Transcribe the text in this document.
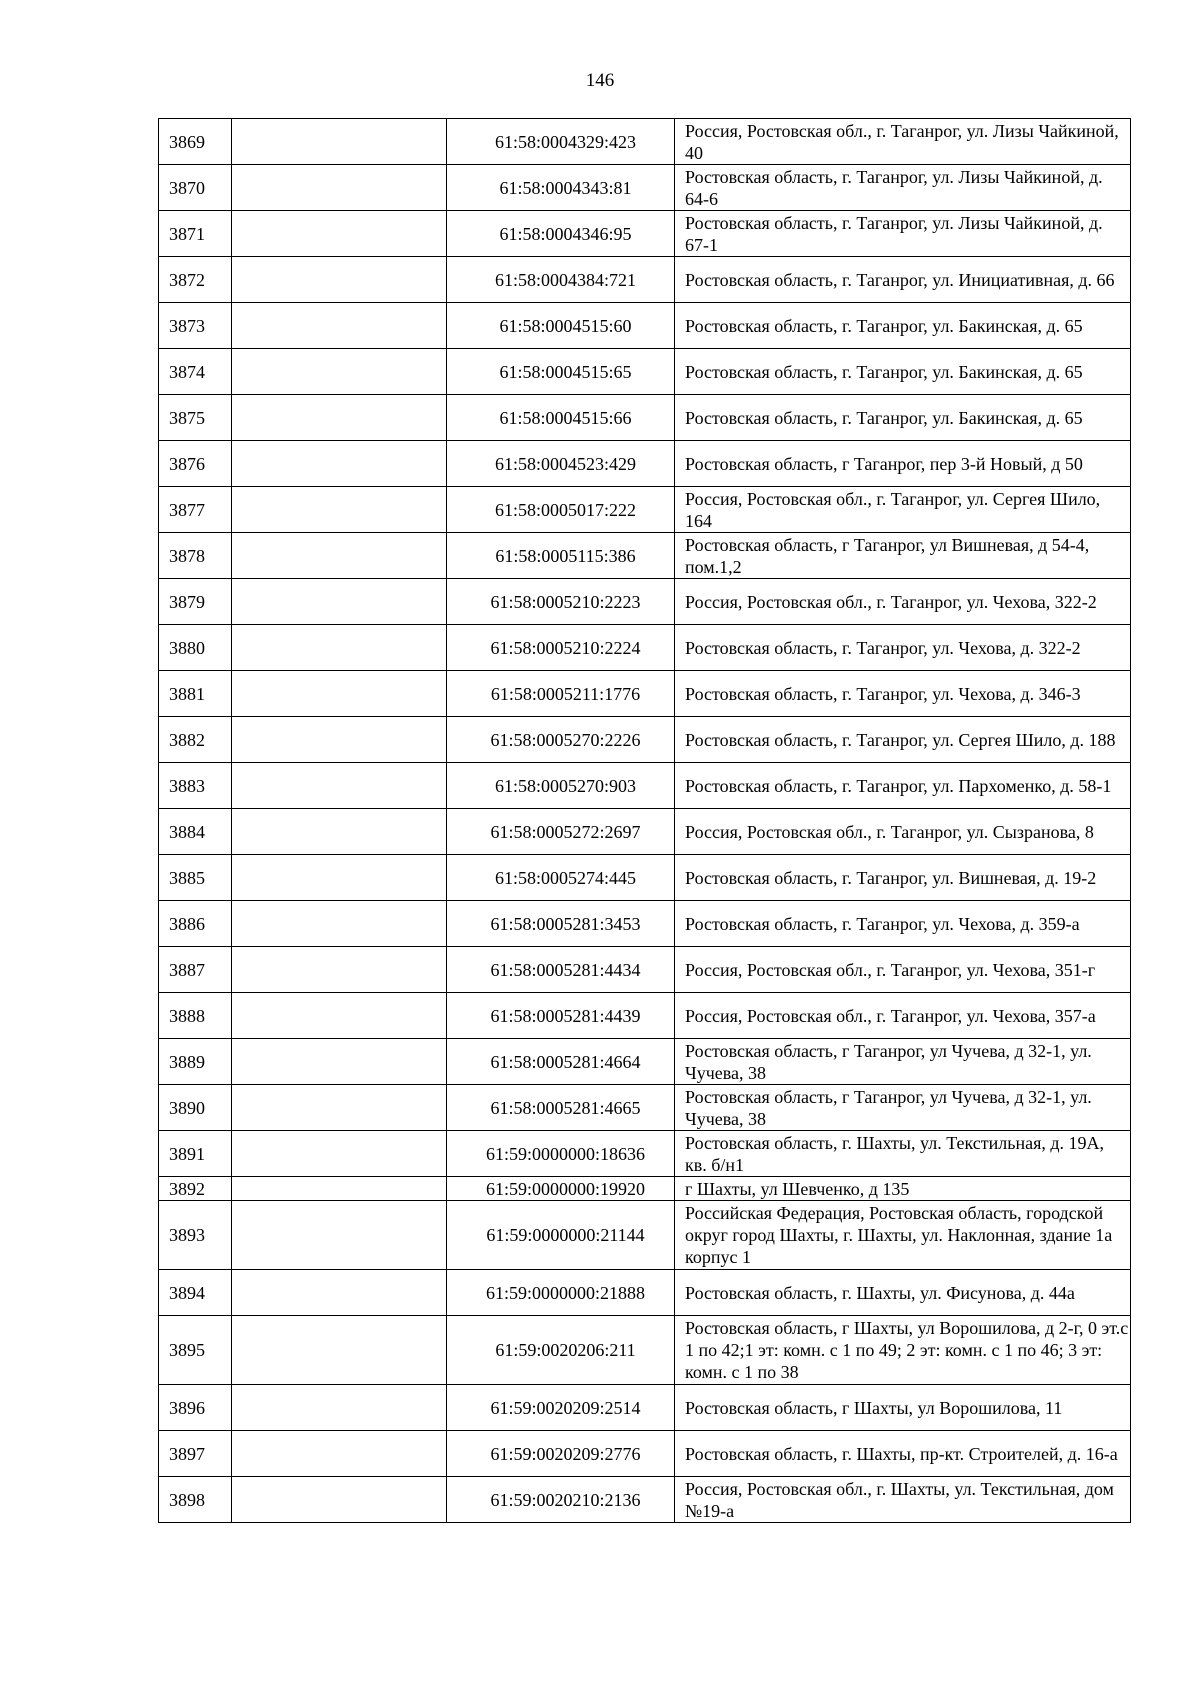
146
3869		61:58:0004329:423	Россия, Ростовская обл., г. Таганрог, ул. Лизы Чайкиной, 40
3870		61:58:0004343:81	Ростовская область, г. Таганрог, ул. Лизы Чайкиной, д. 64-6
3871		61:58:0004346:95	Ростовская область, г. Таганрог, ул. Лизы Чайкиной, д. 67-1
3872		61:58:0004384:721	Ростовская область, г. Таганрог, ул. Инициативная, д. 66
3873		61:58:0004515:60	Ростовская область, г. Таганрог, ул. Бакинская, д. 65
3874		61:58:0004515:65	Ростовская область, г. Таганрог, ул. Бакинская, д. 65
3875		61:58:0004515:66	Ростовская область, г. Таганрог, ул. Бакинская, д. 65
3876		61:58:0004523:429	Ростовская область, г Таганрог, пер 3-й Новый, д 50
3877		61:58:0005017:222	Россия, Ростовская обл., г. Таганрог, ул. Сергея Шило, 164
3878		61:58:0005115:386	Ростовская область, г Таганрог, ул Вишневая, д 54-4, пом.1,2
3879		61:58:0005210:2223	Россия, Ростовская обл., г. Таганрог, ул. Чехова, 322-2
3880		61:58:0005210:2224	Ростовская область, г. Таганрог, ул. Чехова, д. 322-2
3881		61:58:0005211:1776	Ростовская область, г. Таганрог, ул. Чехова, д. 346-3
3882		61:58:0005270:2226	Ростовская область, г. Таганрог, ул. Сергея Шило, д. 188
3883		61:58:0005270:903	Ростовская область, г. Таганрог, ул. Пархоменко, д. 58-1
3884		61:58:0005272:2697	Россия, Ростовская обл., г. Таганрог, ул. Сызранова, 8
3885		61:58:0005274:445	Ростовская область, г. Таганрог, ул. Вишневая, д. 19-2
3886		61:58:0005281:3453	Ростовская область, г. Таганрог, ул. Чехова, д. 359-а
3887		61:58:0005281:4434	Россия, Ростовская обл., г. Таганрог, ул. Чехова, 351-г
3888		61:58:0005281:4439	Россия, Ростовская обл., г. Таганрог, ул. Чехова, 357-а
3889		61:58:0005281:4664	Ростовская область, г Таганрог, ул Чучева, д 32-1, ул. Чучева, 38
3890		61:58:0005281:4665	Ростовская область, г Таганрог, ул Чучева, д 32-1, ул. Чучева, 38
3891		61:59:0000000:18636	Ростовская область, г. Шахты, ул. Текстильная, д. 19А, кв. б/н1
3892		61:59:0000000:19920	г Шахты, ул Шевченко, д 135
3893		61:59:0000000:21144	Российская Федерация, Ростовская область, городской округ город Шахты, г. Шахты, ул. Наклонная, здание 1а корпус 1
3894		61:59:0000000:21888	Ростовская область, г. Шахты, ул. Фисунова, д. 44а
3895		61:59:0020206:211	Ростовская область, г Шахты, ул Ворошилова, д 2-г, 0 эт.с 1 по 42;1 эт: комн. с 1 по 49; 2 эт: комн. с 1 по 46; 3 эт: комн. с 1 по 38
3896		61:59:0020209:2514	Ростовская область, г Шахты, ул Ворошилова, 11
3897		61:59:0020209:2776	Ростовская область, г. Шахты, пр-кт. Строителей, д. 16-а
3898		61:59:0020210:2136	Россия, Ростовская обл., г. Шахты, ул. Текстильная, дом №19-а
